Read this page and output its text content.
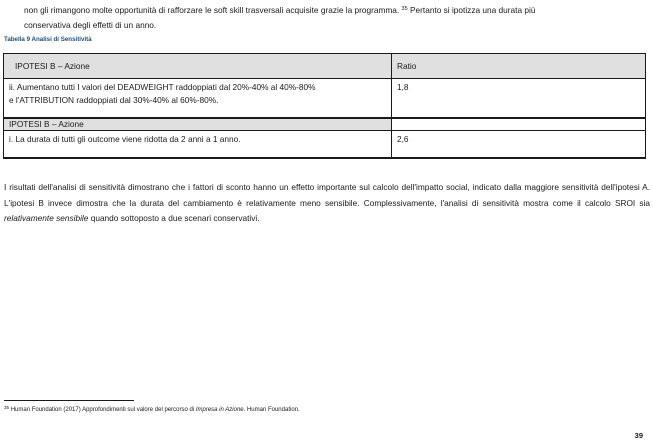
non gli rimangono molte opportunità di rafforzare le soft skill trasversali acquisite grazie la programma. $^{35}$ Pertanto si ipotizza una durata più
conservativa degli effetti di un anno.
Tabella 9 Analisi di Sensitività
IPOTESI B – Azione	Ratio
ii. Aumentano tutti I valori del DEADWEIGHT raddoppiati dal 20%-40% al 40%-80%
e l'ATTRIBUTION raddoppiati dal 30%-40% al 60%-80%.	1,8
IPOTESI B – Azione	
i. La durata di tutti gli outcome viene ridotta da 2 anni a 1 anno.	2,6
I risultati dell'analisi di sensitività dimostrano che i fattori di sconto hanno un effetto importante sul calcolo dell'impatto social, indicato dalla maggiore sensitività dell'ipotesi A. L'ipotesi B invece dimostra che la durata del cambiamento è relativamente meno sensibile. Complessivamente, l'analisi di sensitività mostra come il calcolo SROI sia relativamente sensibile quando sottoposto a due scenari conservativi.
$^{35}$ Human Foundation (2017) Approfondimenti sul valore del percorso di Impresa in Azione. Human Foundation.
39
